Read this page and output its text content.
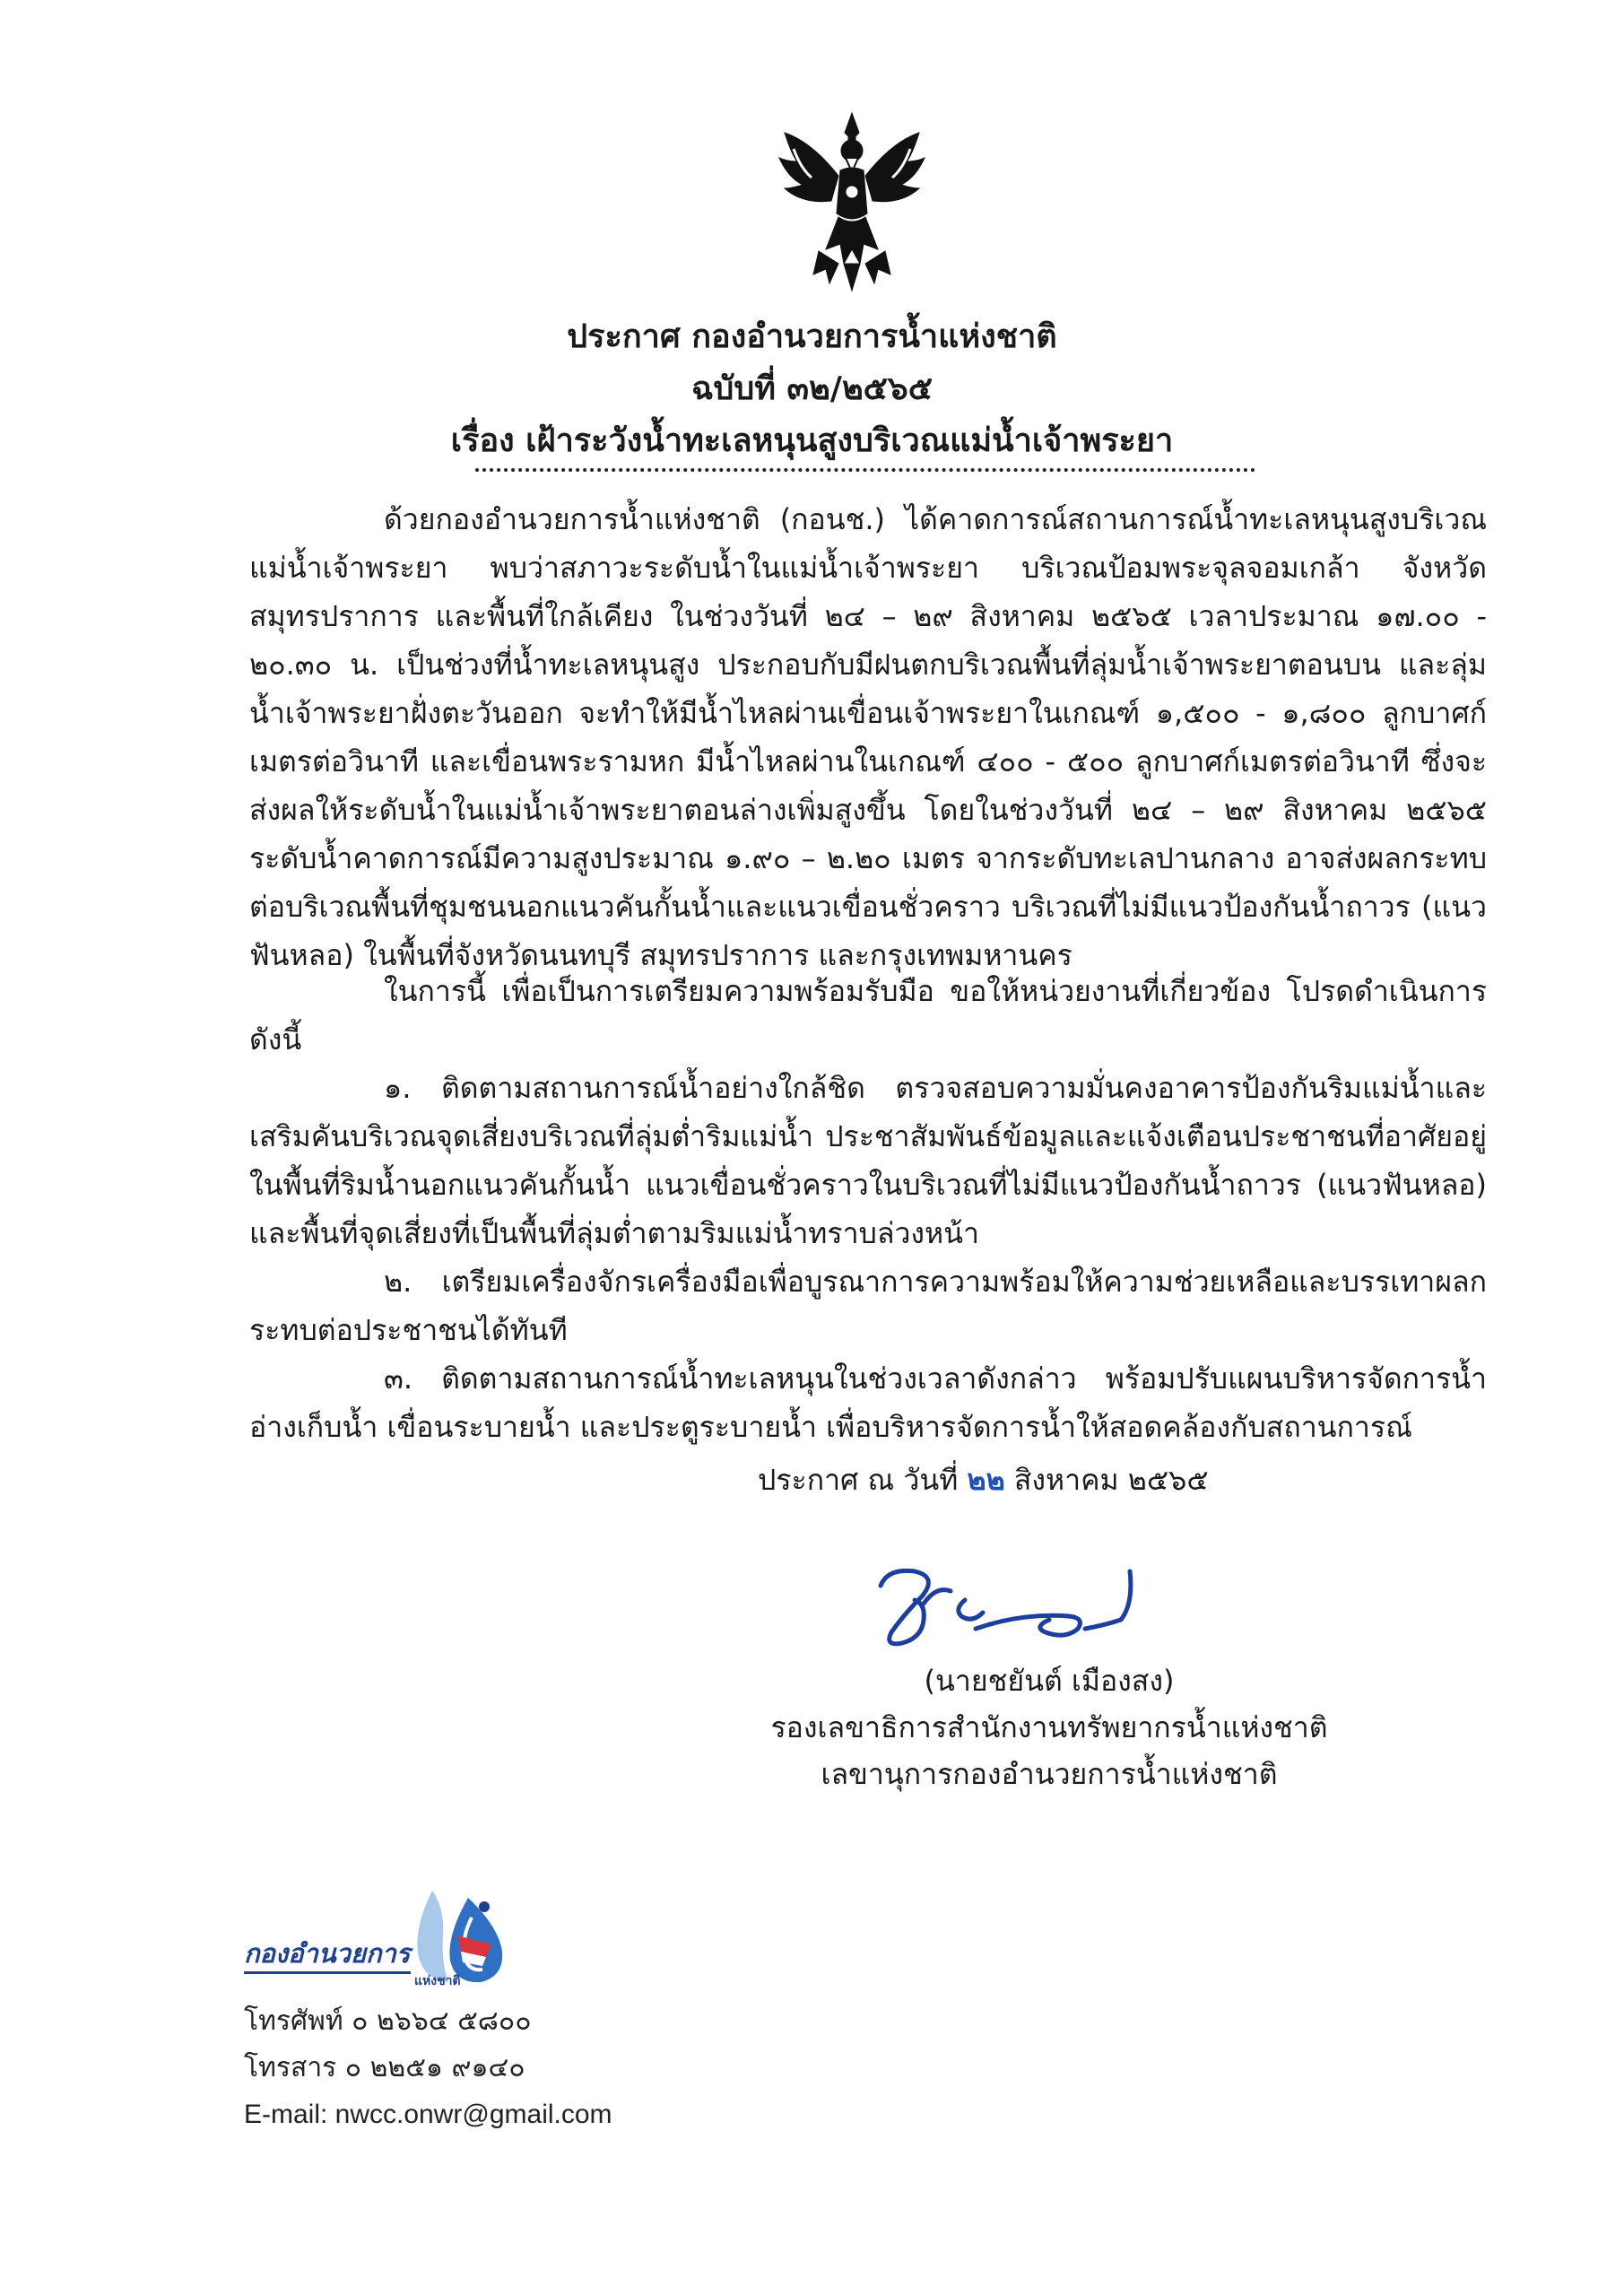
ประกาศ กองอำนวยการน้ำแห่งชาติ
ฉบับที่ ๓๒/๒๕๖๕
เรื่อง เฝ้าระวังน้ำทะเลหนุนสูงบริเวณแม่น้ำเจ้าพระยา

ด้วยกองอำนวยการน้ำแห่งชาติ (กอนช.) ได้คาดการณ์สถานการณ์น้ำทะเลหนุนสูงบริเวณแม่น้ำเจ้าพระยา พบว่าสภาวะระดับน้ำในแม่น้ำเจ้าพระยา บริเวณป้อมพระจุลจอมเกล้า จังหวัดสมุทรปราการ และพื้นที่ใกล้เคียง ในช่วงวันที่ ๒๔ – ๒๙ สิงหาคม ๒๕๖๕ เวลาประมาณ ๑๗.๐๐ - ๒๐.๓๐ น. เป็นช่วงที่น้ำทะเลหนุนสูง ประกอบกับมีฝนตกบริเวณพื้นที่ลุ่มน้ำเจ้าพระยาตอนบน และลุ่มน้ำเจ้าพระยาฝั่งตะวันออก จะทำให้มีน้ำไหลผ่านเขื่อนเจ้าพระยาในเกณฑ์ ๑,๕๐๐ - ๑,๘๐๐ ลูกบาศก์เมตรต่อวินาที และเขื่อนพระรามหก มีน้ำไหลผ่านในเกณฑ์ ๔๐๐ - ๕๐๐ ลูกบาศก์เมตรต่อวินาที ซึ่งจะส่งผลให้ระดับน้ำในแม่น้ำเจ้าพระยาตอนล่างเพิ่มสูงขึ้น โดยในช่วงวันที่ ๒๔ – ๒๙ สิงหาคม ๒๕๖๕ ระดับน้ำคาดการณ์มีความสูงประมาณ ๑.๙๐ – ๒.๒๐ เมตร จากระดับทะเลปานกลาง อาจส่งผลกระทบต่อบริเวณพื้นที่ชุมชนนอกแนวคันกั้นน้ำและแนวเขื่อนชั่วคราว บริเวณที่ไม่มีแนวป้องกันน้ำถาวร (แนวฟันหลอ) ในพื้นที่จังหวัดนนทบุรี สมุทรปราการ และกรุงเทพมหานคร

ในการนี้ เพื่อเป็นการเตรียมความพร้อมรับมือ ขอให้หน่วยงานที่เกี่ยวข้อง โปรดดำเนินการ ดังนี้

๑. ติดตามสถานการณ์น้ำอย่างใกล้ชิด ตรวจสอบความมั่นคงอาคารป้องกันริมแม่น้ำและเสริมคันบริเวณจุดเสี่ยงบริเวณที่ลุ่มต่ำริมแม่น้ำ ประชาสัมพันธ์ข้อมูลและแจ้งเตือนประชาชนที่อาศัยอยู่ในพื้นที่ริมน้ำนอกแนวคันกั้นน้ำ แนวเขื่อนชั่วคราวในบริเวณที่ไม่มีแนวป้องกันน้ำถาวร (แนวฟันหลอ) และพื้นที่จุดเสี่ยงที่เป็นพื้นที่ลุ่มต่ำตามริมแม่น้ำทราบล่วงหน้า

๒. เตรียมเครื่องจักรเครื่องมือเพื่อบูรณาการความพร้อมให้ความช่วยเหลือและบรรเทาผลกระทบต่อประชาชนได้ทันที

๓. ติดตามสถานการณ์น้ำทะเลหนุนในช่วงเวลาดังกล่าว พร้อมปรับแผนบริหารจัดการน้ำอ่างเก็บน้ำ เขื่อนระบายน้ำ และประตูระบายน้ำ เพื่อบริหารจัดการน้ำให้สอดคล้องกับสถานการณ์

ประกาศ ณ วันที่ ๒๒ สิงหาคม ๒๕๖๕
(นายชยันต์ เมืองสง)
รองเลขาธิการสำนักงานทรัพยากรน้ำแห่งชาติ
เลขานุการกองอำนวยการน้ำแห่งชาติ
กองอำนวยการ
แห่งชาติ
โทรศัพท์ ๐ ๒๖๖๔ ๕๘๐๐
โทรสาร ๐ ๒๒๕๑ ๙๑๔๐
E-mail: nwcc.onwr@gmail.com
